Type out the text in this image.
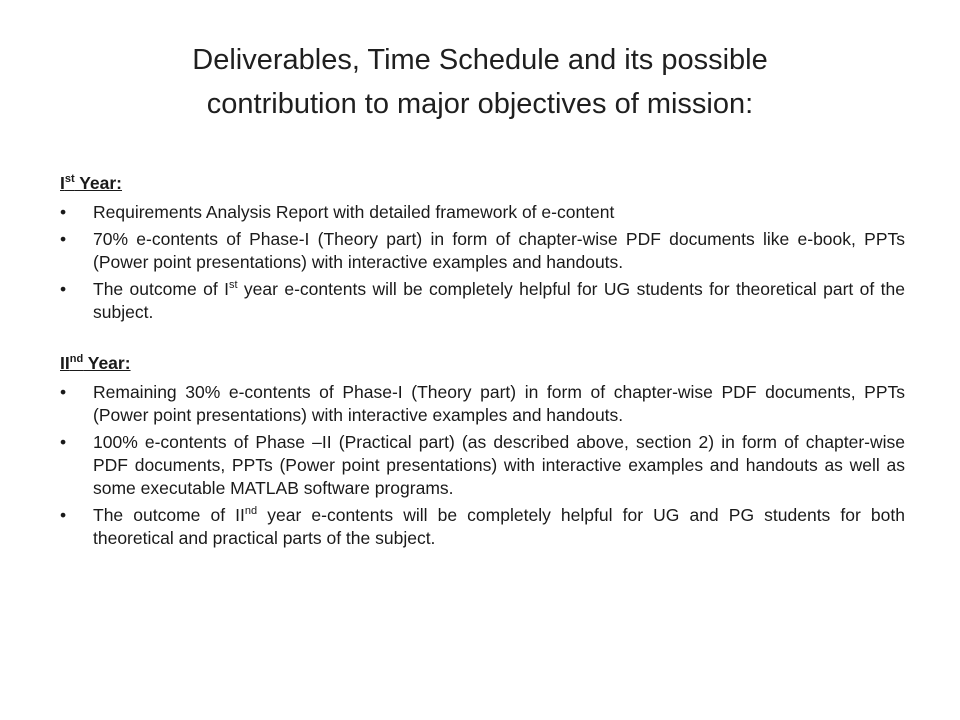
Deliverables, Time Schedule and its possible
contribution to major objectives of mission:
Ist Year:
• Requirements Analysis Report with detailed framework of e-content
• 70% e-contents of Phase-I (Theory part) in form of chapter-wise PDF documents like e-book, PPTs (Power point presentations) with interactive examples and handouts.
• The outcome of Ist year e-contents will be completely helpful for UG students for theoretical part of the subject.
IInd Year:
• Remaining 30% e-contents of Phase-I (Theory part) in form of chapter-wise PDF documents, PPTs (Power point presentations) with interactive examples and handouts.
• 100% e-contents of Phase –II (Practical part) (as described above, section 2) in form of chapter-wise PDF documents, PPTs (Power point presentations) with interactive examples and handouts as well as some executable MATLAB software programs.
• The outcome of IInd year e-contents will be completely helpful for UG and PG students for both theoretical and practical parts of the subject.
